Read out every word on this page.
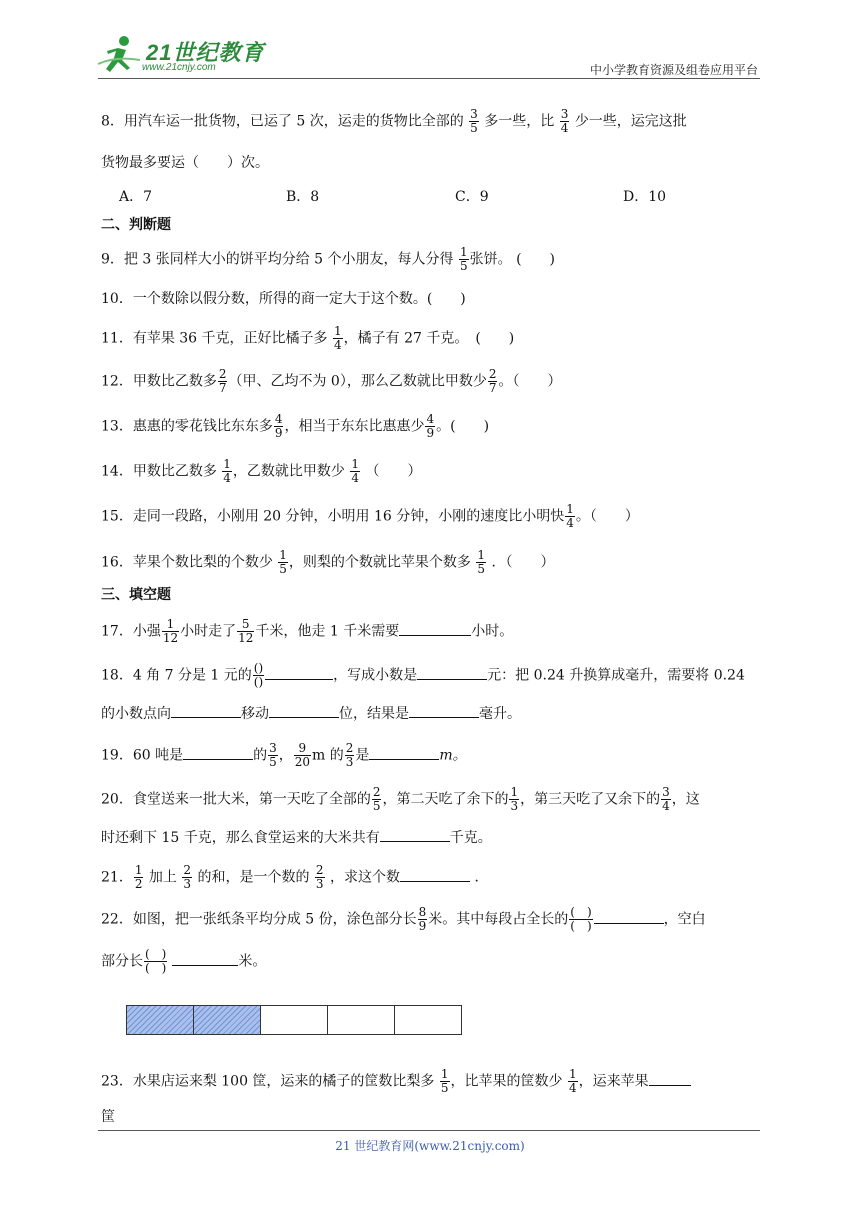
21世纪教育
www.21cnjy.com	中小学教育资源及组卷应用平台
8．用汽车运一批货物，已运了 5 次，运走的货物比全部的 $\frac{3}{5}$ 多一些，比 $\frac{3}{4}$ 少一些，运完这批
货物最多要运（　　）次。
A．7	B．8	C．9	D．10
二、判断题
9．把 3 张同样大小的饼平均分给 5 个小朋友，每人分得 $\frac{1}{5}$ 张饼。 (　　)
10．一个数除以假分数，所得的商一定大于这个数。(　　)
11．有苹果 36 千克，正好比橘子多 $\frac{1}{4}$ ，橘子有 27 千克。　(　　)
12．甲数比乙数多 $\frac{2}{7}$ （甲、乙均不为 0），那么乙数就比甲数少 $\frac{2}{7}$ 。（　　）
13．惠惠的零花钱比东东多 $\frac{4}{9}$ ，相当于东东比惠惠少 $\frac{4}{9}$ 。(　　)
14．甲数比乙数多 $\frac{1}{4}$ ，乙数就比甲数少 $\frac{1}{4}$ （　　）
15．走同一段路，小刚用 20 分钟，小明用 16 分钟，小刚的速度比小明快 $\frac{1}{4}$ 。（　　）
16．苹果个数比梨的个数少 $\frac{1}{5}$ ，则梨的个数就比苹果个数多 $\frac{1}{5}$ ．（　　）
三、填空题
17．小强 $\frac{1}{12}$ 小时走了 $\frac{5}{12}$ 千米，他走 1 千米需要	小时。
18．4 角 7 分是 1 元的 $\frac{()}{()}$	，写成小数是	元：把 0.24 升换算成毫升，需要将 0.24
的小数点向	移动	位，结果是	毫升。
19．60 吨是	的 $\frac{3}{5}$ ， $\frac{9}{20}$ m 的 $\frac{2}{3}$ 是	m。
20．食堂送来一批大米，第一天吃了全部的 $\frac{2}{5}$ ，第二天吃了余下的 $\frac{1}{3}$ ，第三天吃了又余下的 $\frac{3}{4}$ ，这
时还剩下 15 千克，那么食堂运来的大米共有	千克。
21． $\frac{1}{2}$ 加上 $\frac{2}{3}$ 的和，是一个数的 $\frac{2}{3}$ ，求这个数	．
22．如图，把一张纸条平均分成 5 份，涂色部分长 $\frac{8}{9}$ 米。其中每段占全长的 $\frac{( )}{( )}$	，空白
部分长 $\frac{( )}{( )}$	米。
23．水果店运来梨 100 筐，运来的橘子的筐数比梨多 $\frac{1}{5}$ ，比苹果的筐数少 $\frac{1}{4}$ ，运来苹果
筐
21 世纪教育网(www.21cnjy.com)
